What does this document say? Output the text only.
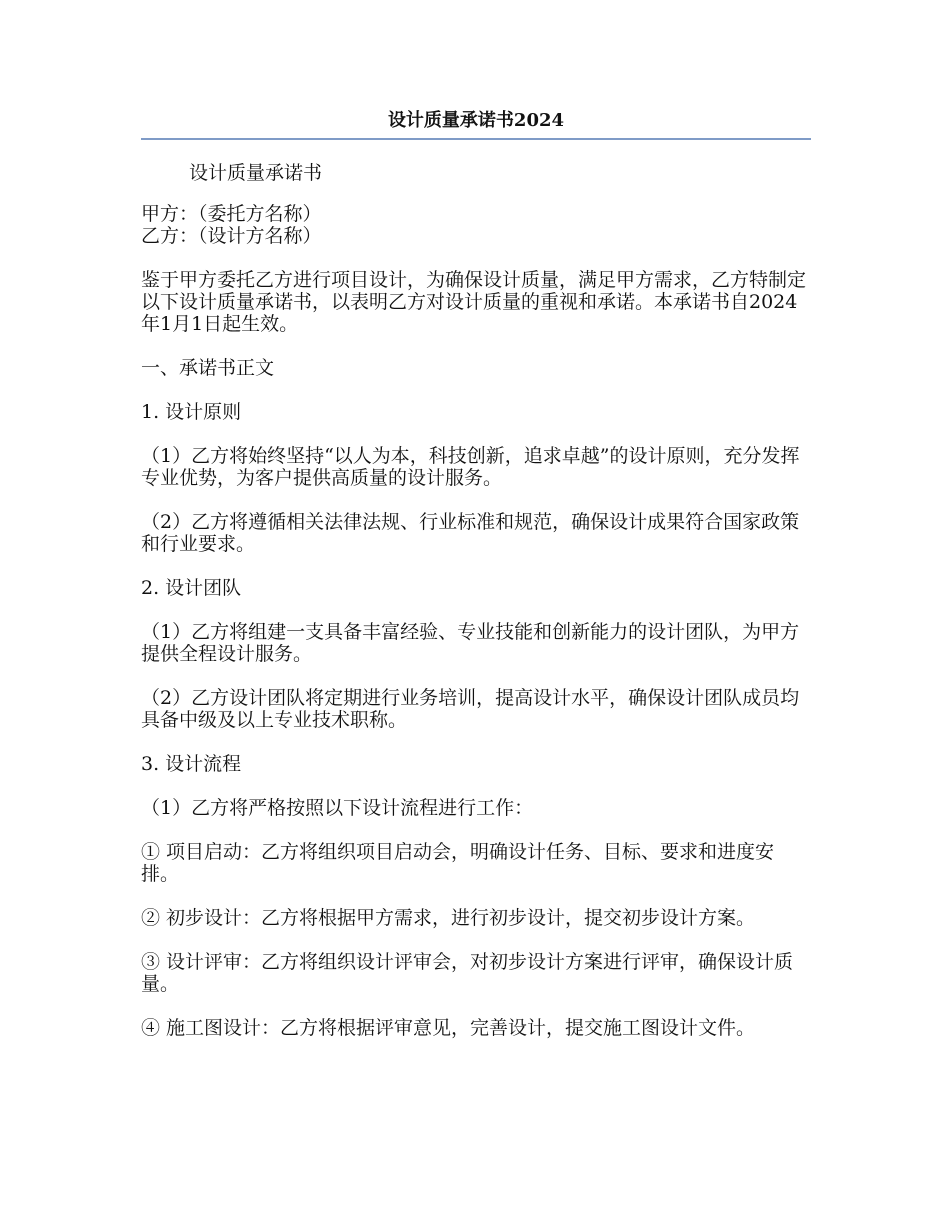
设计质量承诺书2024

设计质量承诺书

甲方：（委托方名称）

乙方：（设计方名称）

鉴于甲方委托乙方进行项目设计，为确保设计质量，满足甲方需求，乙方特制定以下设计质量承诺书，以表明乙方对设计质量的重视和承诺。本承诺书自2024年1月1日起生效。

一、承诺书正文

1. 设计原则

（1）乙方将始终坚持“以人为本，科技创新，追求卓越”的设计原则，充分发挥专业优势，为客户提供高质量的设计服务。

（2）乙方将遵循相关法律法规、行业标准和规范，确保设计成果符合国家政策和行业要求。

2. 设计团队

（1）乙方将组建一支具备丰富经验、专业技能和创新能力的设计团队，为甲方提供全程设计服务。

（2）乙方设计团队将定期进行业务培训，提高设计水平，确保设计团队成员均具备中级及以上专业技术职称。

3. 设计流程

（1）乙方将严格按照以下设计流程进行工作：

① 项目启动：乙方将组织项目启动会，明确设计任务、目标、要求和进度安排。

② 初步设计：乙方将根据甲方需求，进行初步设计，提交初步设计方案。

③ 设计评审：乙方将组织设计评审会，对初步设计方案进行评审，确保设计质量。

④ 施工图设计：乙方将根据评审意见，完善设计，提交施工图设计文件。
